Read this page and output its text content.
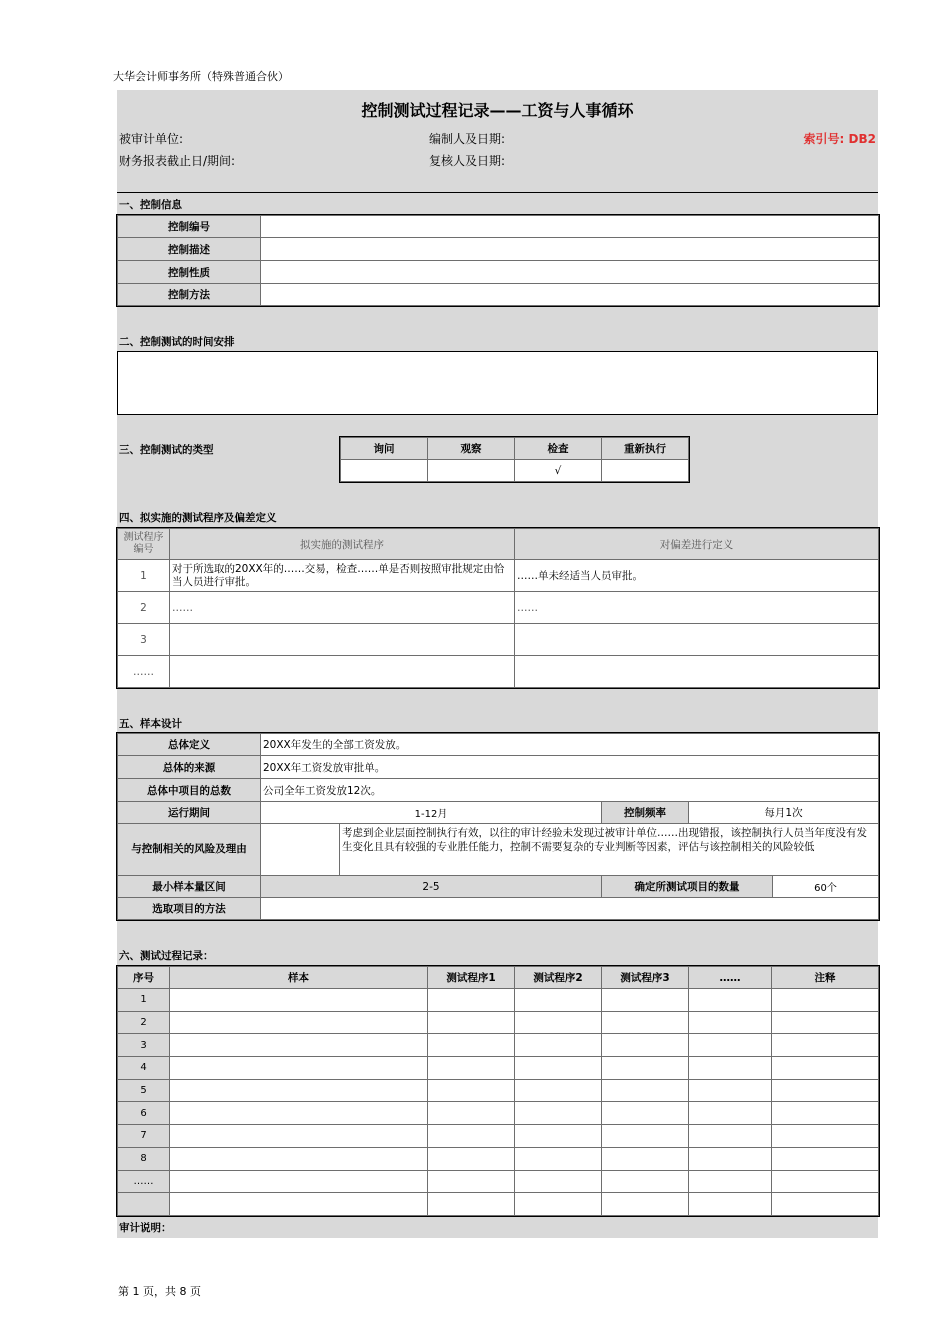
大华会计师事务所（特殊普通合伙）
控制测试过程记录——工资与人事循环
被审计单位:	编制人及日期:	索引号: DB2
财务报表截止日/期间:	复核人及日期:
一、控制信息
控制编号	
控制描述	
控制性质	
控制方法	
二、控制测试的时间安排
三、控制测试的类型	询问	观察	检查	重新执行
		√	
四、拟实施的测试程序及偏差定义
测试程序编号	拟实施的测试程序	对偏差进行定义
1	对于所选取的20XX年的……交易，检查……单是否则按照审批规定由恰当人员进行审批。	……单未经适当人员审批。
2	……	……
3		
……		
五、样本设计
总体定义	20XX年发生的全部工资发放。				
总体的来源	20XX年工资发放审批单。				
总体中项目的总数	公司全年工资发放12次。				
运行期间	1-12月		控制频率	每月1次	
与控制相关的风险及理由		考虑到企业层面控制执行有效，以往的审计经验未发现过被审计单位……出现错报，该控制执行人员当年度没有发生变化且具有较强的专业胜任能力，控制不需要复杂的专业判断等因素，评估与该控制相关的风险较低			
最小样本量区间	2-5		确定所测试项目的数量		60个
选取项目的方法					
六、测试过程记录：
序号	样本	测试程序1	测试程序2	测试程序3	……	注释
1						
2						
3						
4						
5						
6						
7						
8						
……						

审计说明：
第 1 页，共 8 页
